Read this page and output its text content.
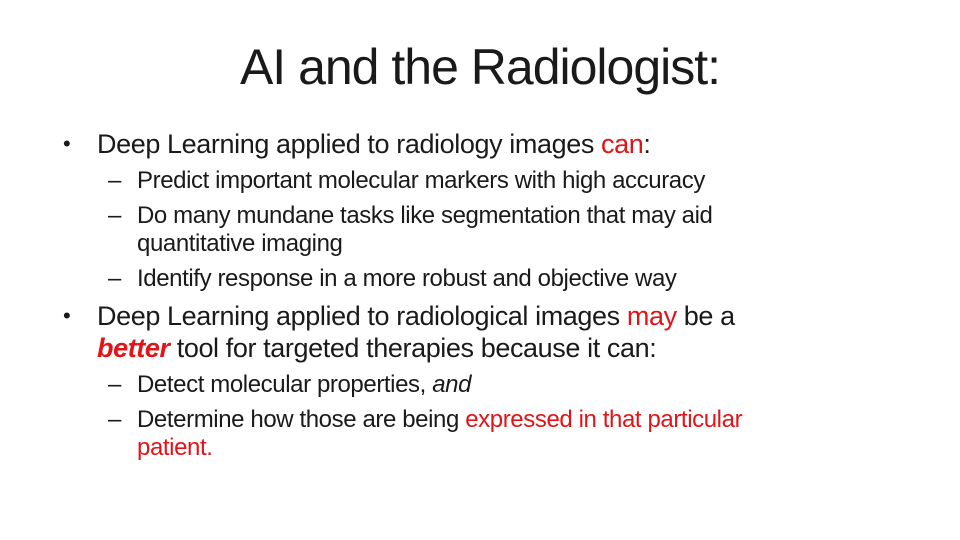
AI and the Radiologist:
• Deep Learning applied to radiology images can:
– Predict important molecular markers with high accuracy
– Do many mundane tasks like segmentation that may aid
quantitative imaging
– Identify response in a more robust and objective way
• Deep Learning applied to radiological images may be a
better tool for targeted therapies because it can:
– Detect molecular properties, and
– Determine how those are being expressed in that particular
patient.
